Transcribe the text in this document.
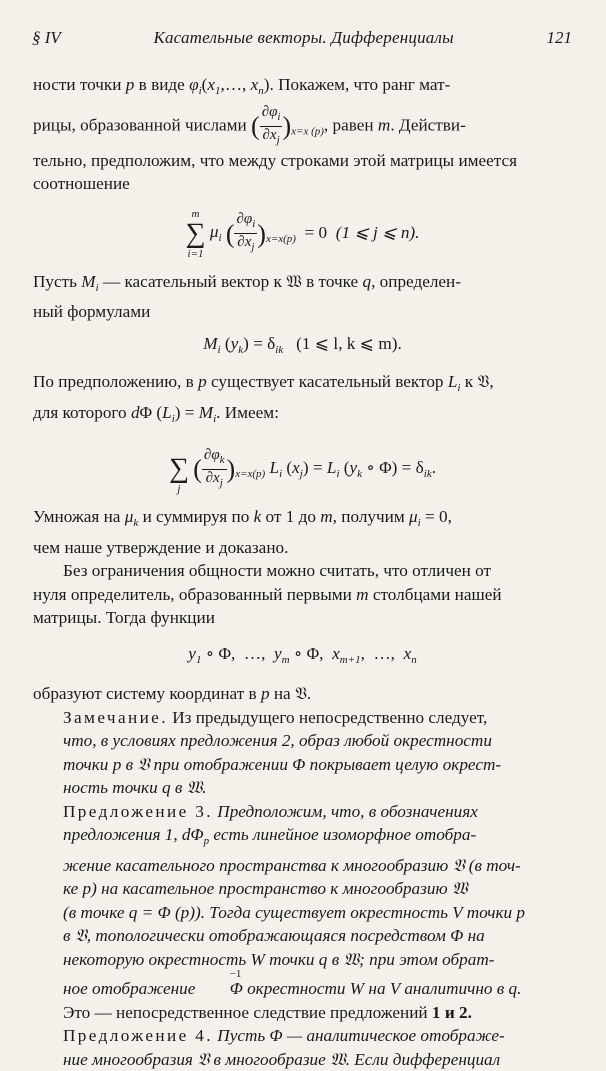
§ IV	Касательные векторы. Дифференциалы	121

ности точки p в виде $\varphi_i(x_1,\dots$, $x_n$). Покажем, что ранг мат-

рицы, образованной числами ( $\frac{\partial\varphi_i}{\partial x_j} )_{x=x (p)}$, равен m. Действи-

тельно, предположим, что между строками этой матрицы имеется

соотношение

m
∑
i=1
$\mu_i$ ( $\frac{\partial\varphi_i}{\partial x_j} )_{x=x(p)} = 0$  (1 ⩽ j ⩽ n).

Пусть $M_i$ — касательный вектор к 𝔚 в точке q, определен-

ный формулами

$M_i$ $(y_k) = \delta_{ik}$ (1 ⩽ l, k ⩽ m).

По предположению, в p существует касательный вектор $L_i$ к 𝔙,

для которого dΦ $(L_i) = M_i$. Имеем:

∑
j
( $\frac{\partial\varphi_k}{\partial x_j} )_{x=x(p)}$ $L_i$ $(x_j) = L_i$ ($y_k$ ∘ $\Phi) = \delta_{ik}$.

Умножая на $\mu_k$ и суммируя по k от 1 до m, получим $\mu_i = 0$,

чем наше утверждение и доказано.

Без ограничения общности можно считать, что отличен от

нуля определитель, образованный первыми m столбцами нашей

матрицы. Тогда функции

$y_1$ ∘ Φ,  …,  $y_m$ ∘ Φ,  $x_{m+1}$,  …,  $x_n$

образуют систему координат в p на 𝔙.

Замечание. Из предыдущего непосредственно следует,
что, в условиях предложения 2, образ любой окрестности
точки p в 𝔙 при отображении Φ покрывает целую окрест-
ность точки q в 𝔚.

Предложение 3. Предположим, что, в обозначениях
предложения 1, $d\Phi_p$ есть линейное изоморфное отобра-
жение касательного пространства к многообразию 𝔙 (в точ-
ке p) на касательное пространство к многообразию 𝔚
(в точке q = Φ (p)). Тогда существует окрестность V точки p
в 𝔙, топологически отображающаяся посредством Φ на
некоторую окрестность W точки q в 𝔚; при этом обрат-
ное отображение Φ
−1
окрестности W на V аналитично в q.

Это — непосредственное следствие предложений 1 и 2.

Предложение 4. Пусть Φ — аналитическое отображе-
ние многообразия 𝔙 в многообразие 𝔚. Если дифференциал
